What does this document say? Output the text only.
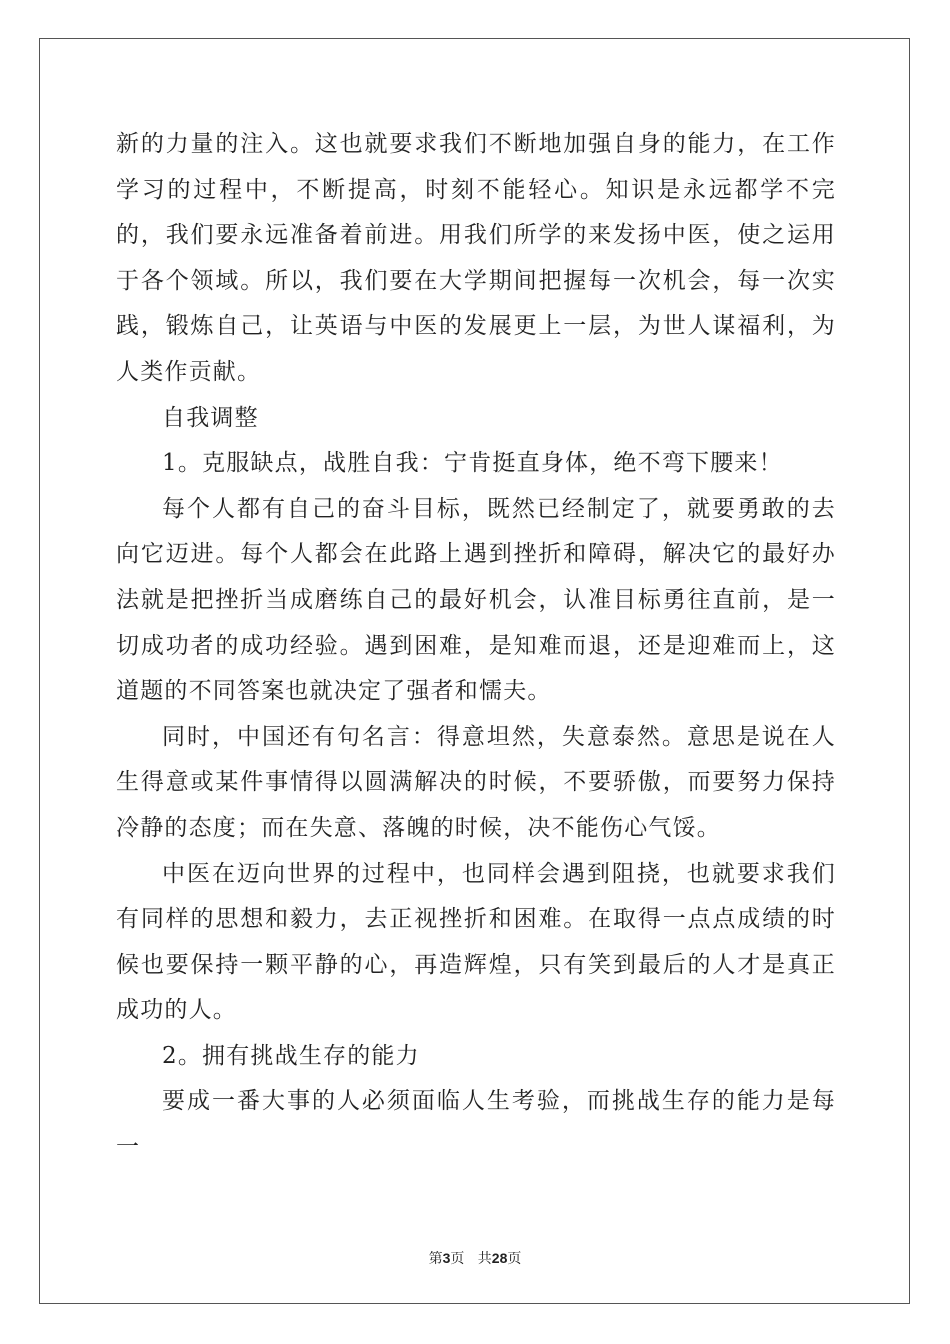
新的力量的注入。这也就要求我们不断地加强自身的能力，在工作学习的过程中，不断提高，时刻不能轻心。知识是永远都学不完的，我们要永远准备着前进。用我们所学的来发扬中医，使之运用于各个领域。所以，我们要在大学期间把握每一次机会，每一次实践，锻炼自己，让英语与中医的发展更上一层，为世人谋福利，为人类作贡献。

自我调整

1。克服缺点，战胜自我：宁肯挺直身体，绝不弯下腰来！

每个人都有自己的奋斗目标，既然已经制定了，就要勇敢的去向它迈进。每个人都会在此路上遇到挫折和障碍，解决它的最好办法就是把挫折当成磨练自己的最好机会，认准目标勇往直前，是一切成功者的成功经验。遇到困难，是知难而退，还是迎难而上，这道题的不同答案也就决定了强者和懦夫。

同时，中国还有句名言：得意坦然，失意泰然。意思是说在人生得意或某件事情得以圆满解决的时候，不要骄傲，而要努力保持冷静的态度；而在失意、落魄的时候，决不能伤心气馁。

中医在迈向世界的过程中，也同样会遇到阻挠，也就要求我们有同样的思想和毅力，去正视挫折和困难。在取得一点点成绩的时候也要保持一颗平静的心，再造辉煌，只有笑到最后的人才是真正成功的人。

2。拥有挑战生存的能力

要成一番大事的人必须面临人生考验，而挑战生存的能力是每一

第3页 共28页
